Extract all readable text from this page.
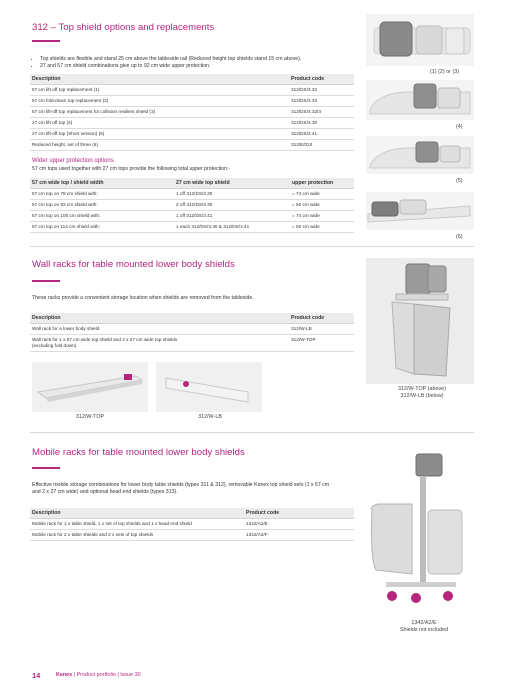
312 – Top shield options and replacements
• Top shields are flexible and stand 25 cm above the tableside rail (Reduced height top shields stand 15 cm above).
• 27 and 57 cm shield combinations give up to 92 cm wide upper protection.
Description	Product code
57 cm lift-off top replacement (1)	312/DS/3.32
57 cm fold-down top replacement (2)	312/DS/3.33
57 cm lift-off top replacement for collision resilient shield (3)	312/DS/3.32/3
27 cm lift-off top (4)	312/DS/3.30
27 cm lift-off top (Short version) (5)	312/DS/3.41
Reduced height, set of three (6)	312/E/024
Wider upper protection options
57 cm tops used together with 27 cm tops provide the following total upper protection:-
57 cm wide top / shield width	27 cm wide top shield	upper protection
57 cm top on 78 cm shield with:	1 off 312/DS/3.30	= 74 cm wide
57 cm top on 92 cm shield with:	2 off 312/DS/3.30	= 92 cm wide
57 cm top on 100 cm shield with:	1 off 312/DS/3.41	= 74 cm wide
57 cm top on 114 cm shield with:	1 each 312/DS/3.30 & 312/DS/3.41	= 92 cm wide
(1) (2) or (3)
(4)
(5)
(6)
Wall racks for table mounted lower body shields
These racks provide a convenient storage location when shields are removed from the tableside.
Description	Product code
Wall rack for a lower body shield	312/W-LB
Wall rack for 1 x 57 cm wide top shield and 2 x 27 cm wide top shields
(excluding fold down)	312/W-TOP
312/W-TOP	312/W-LB
312/W-TOP (above)
312/W-LB (below)
Mobile racks for table mounted lower body shields
Effective mobile storage combinations for lower body table shields (types 311 & 312), removable Kenex top shield sets (1 x 57 cm and 2 x 27 cm wide) and optional head end shields (types 313).
Description	Product code
Mobile rack for 1 x table shield, 1 x set of top shields and 1 x head end shield	1342/A2/E
Mobile rack for 2 x table shields and 2 x sets of top shields	1342/A2/F
1342/A2/E
Shields not included
14	Kenex | Product portfolio | Issue 30
